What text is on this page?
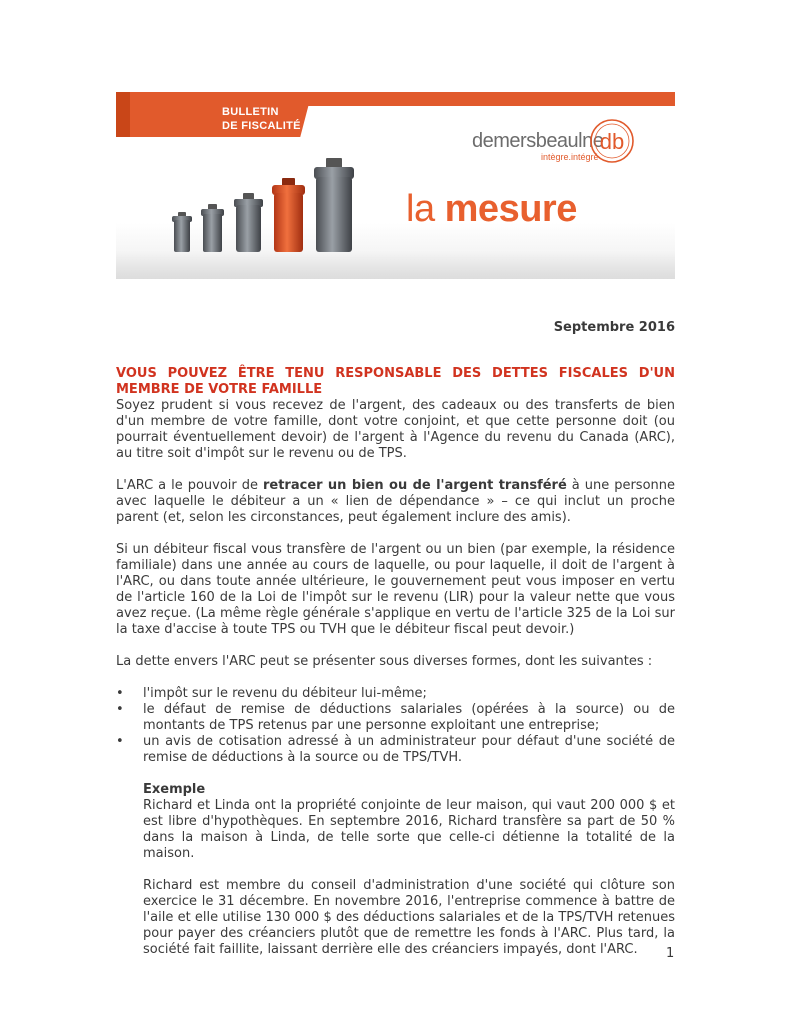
BULLETIN
DE FISCALITÉ
demersbeaulne
intègre.intégré
db
la mesure
Septembre 2016
VOUS POUVEZ ÊTRE TENU RESPONSABLE DES DETTES FISCALES D'UN MEMBRE DE VOTRE FAMILLE

Soyez prudent si vous recevez de l'argent, des cadeaux ou des transferts de bien d'un membre de votre famille, dont votre conjoint, et que cette personne doit (ou pourrait éventuellement devoir) de l'argent à l'Agence du revenu du Canada (ARC), au titre soit d'impôt sur le revenu ou de TPS.

L'ARC a le pouvoir de retracer un bien ou de l'argent transféré à une personne avec laquelle le débiteur a un « lien de dépendance » – ce qui inclut un proche parent (et, selon les circonstances, peut également inclure des amis).

Si un débiteur fiscal vous transfère de l'argent ou un bien (par exemple, la résidence familiale) dans une année au cours de laquelle, ou pour laquelle, il doit de l'argent à l'ARC, ou dans toute année ultérieure, le gouvernement peut vous imposer en vertu de l'article 160 de la Loi de l'impôt sur le revenu (LIR) pour la valeur nette que vous avez reçue. (La même règle générale s'applique en vertu de l'article 325 de la Loi sur la taxe d'accise à toute TPS ou TVH que le débiteur fiscal peut devoir.)

La dette envers l'ARC peut se présenter sous diverses formes, dont les suivantes :

• l'impôt sur le revenu du débiteur lui-même;
• le défaut de remise de déductions salariales (opérées à la source) ou de montants de TPS retenus par une personne exploitant une entreprise;
• un avis de cotisation adressé à un administrateur pour défaut d'une société de remise de déductions à la source ou de TPS/TVH.
Exemple

Richard et Linda ont la propriété conjointe de leur maison, qui vaut 200 000 $ et est libre d'hypothèques. En septembre 2016, Richard transfère sa part de 50 % dans la maison à Linda, de telle sorte que celle-ci détienne la totalité de la maison.

Richard est membre du conseil d'administration d'une société qui clôture son exercice le 31 décembre. En novembre 2016, l'entreprise commence à battre de l'aile et elle utilise 130 000 $ des déductions salariales et de la TPS/TVH retenues pour payer des créanciers plutôt que de remettre les fonds à l'ARC. Plus tard, la société fait faillite, laissant derrière elle des créanciers impayés, dont l'ARC.	1
